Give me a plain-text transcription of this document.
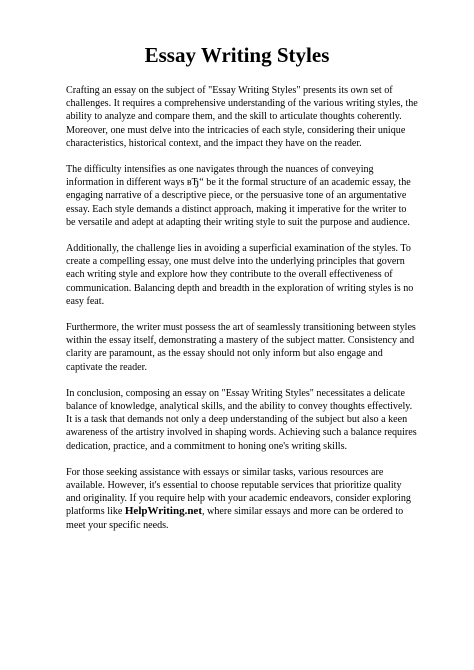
Essay Writing Styles

Crafting an essay on the subject of "Essay Writing Styles" presents its own set of challenges. It requires a comprehensive understanding of the various writing styles, the ability to analyze and compare them, and the skill to articulate thoughts coherently. Moreover, one must delve into the intricacies of each style, considering their unique characteristics, historical context, and the impact they have on the reader.

The difficulty intensifies as one navigates through the nuances of conveying information in different ways вЂ“ be it the formal structure of an academic essay, the engaging narrative of a descriptive piece, or the persuasive tone of an argumentative essay. Each style demands a distinct approach, making it imperative for the writer to be versatile and adept at adapting their writing style to suit the purpose and audience.

Additionally, the challenge lies in avoiding a superficial examination of the styles. To create a compelling essay, one must delve into the underlying principles that govern each writing style and explore how they contribute to the overall effectiveness of communication. Balancing depth and breadth in the exploration of writing styles is no easy feat.

Furthermore, the writer must possess the art of seamlessly transitioning between styles within the essay itself, demonstrating a mastery of the subject matter. Consistency and clarity are paramount, as the essay should not only inform but also engage and captivate the reader.

In conclusion, composing an essay on "Essay Writing Styles" necessitates a delicate balance of knowledge, analytical skills, and the ability to convey thoughts effectively. It is a task that demands not only a deep understanding of the subject but also a keen awareness of the artistry involved in shaping words. Achieving such a balance requires dedication, practice, and a commitment to honing one's writing skills.

For those seeking assistance with essays or similar tasks, various resources are available. However, it's essential to choose reputable services that prioritize quality and originality. If you require help with your academic endeavors, consider exploring platforms like HelpWriting.net, where similar essays and more can be ordered to meet your specific needs.
